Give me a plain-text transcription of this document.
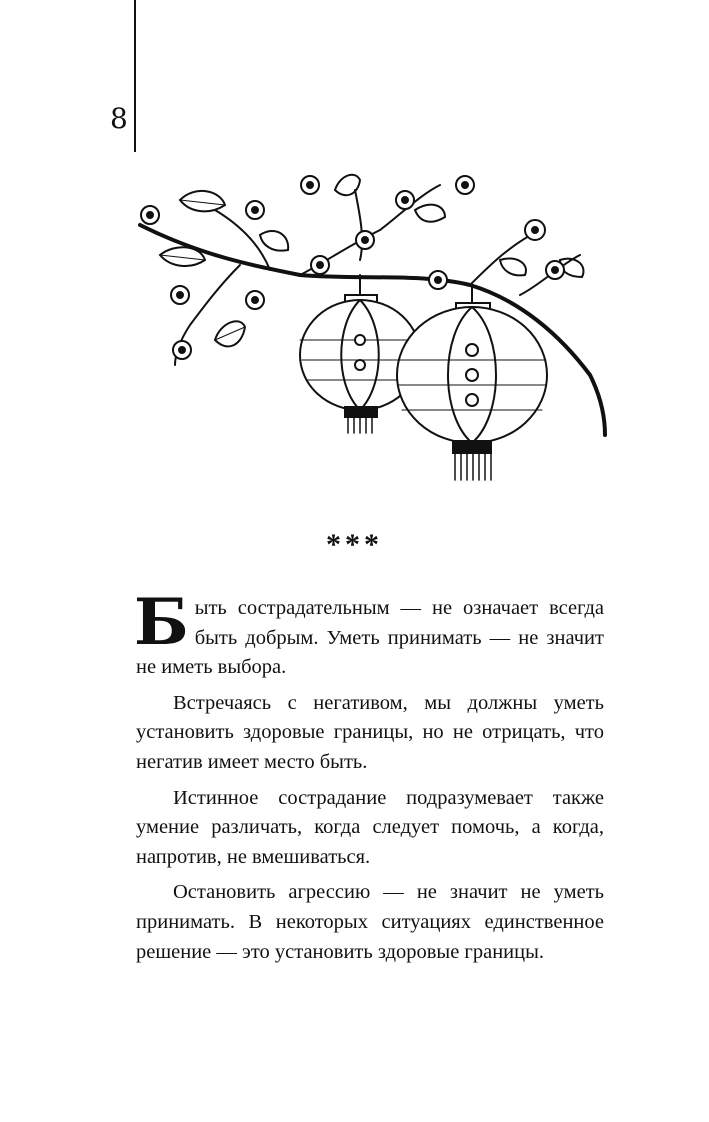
8
***

Быть сострадательным — не означает всегда быть добрым. Уметь принимать — не значит не иметь выбора.

Встречаясь с негативом, мы должны уметь установить здоровые границы, но не отрицать, что негатив имеет место быть.

Истинное сострадание подразумевает также умение различать, когда следует помочь, а когда, напротив, не вмешиваться.

Остановить агрессию — не значит не уметь принимать. В некоторых ситуациях единственное решение — это установить здоровые границы.
